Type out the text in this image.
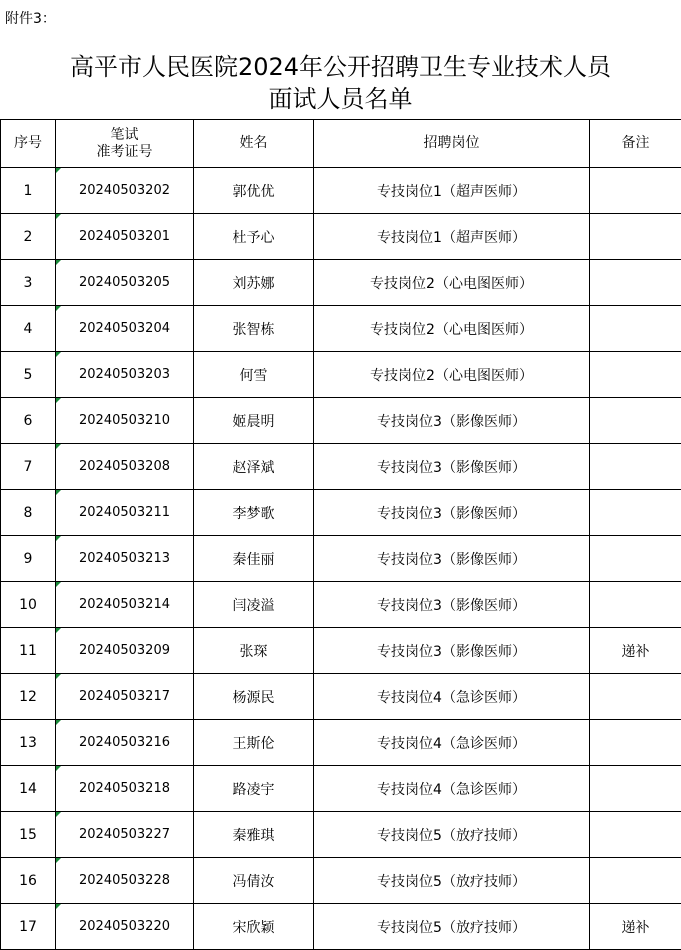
附件3：
高平市人民医院2024年公开招聘卫生专业技术人员
面试人员名单
序号	笔试
准考证号	姓名	招聘岗位	备注
1	20240503202	郭优优	专技岗位1（超声医师）	
2	20240503201	杜予心	专技岗位1（超声医师）	
3	20240503205	刘苏娜	专技岗位2（心电图医师）	
4	20240503204	张智栋	专技岗位2（心电图医师）	
5	20240503203	何雪	专技岗位2（心电图医师）	
6	20240503210	姬晨明	专技岗位3（影像医师）	
7	20240503208	赵泽斌	专技岗位3（影像医师）	
8	20240503211	李梦歌	专技岗位3（影像医师）	
9	20240503213	秦佳丽	专技岗位3（影像医师）	
10	20240503214	闫凌溢	专技岗位3（影像医师）	
11	20240503209	张琛	专技岗位3（影像医师）	递补
12	20240503217	杨源民	专技岗位4（急诊医师）	
13	20240503216	王斯伦	专技岗位4（急诊医师）	
14	20240503218	路凌宇	专技岗位4（急诊医师）	
15	20240503227	秦雅琪	专技岗位5（放疗技师）	
16	20240503228	冯倩汝	专技岗位5（放疗技师）	
17	20240503220	宋欣颖	专技岗位5（放疗技师）	递补
